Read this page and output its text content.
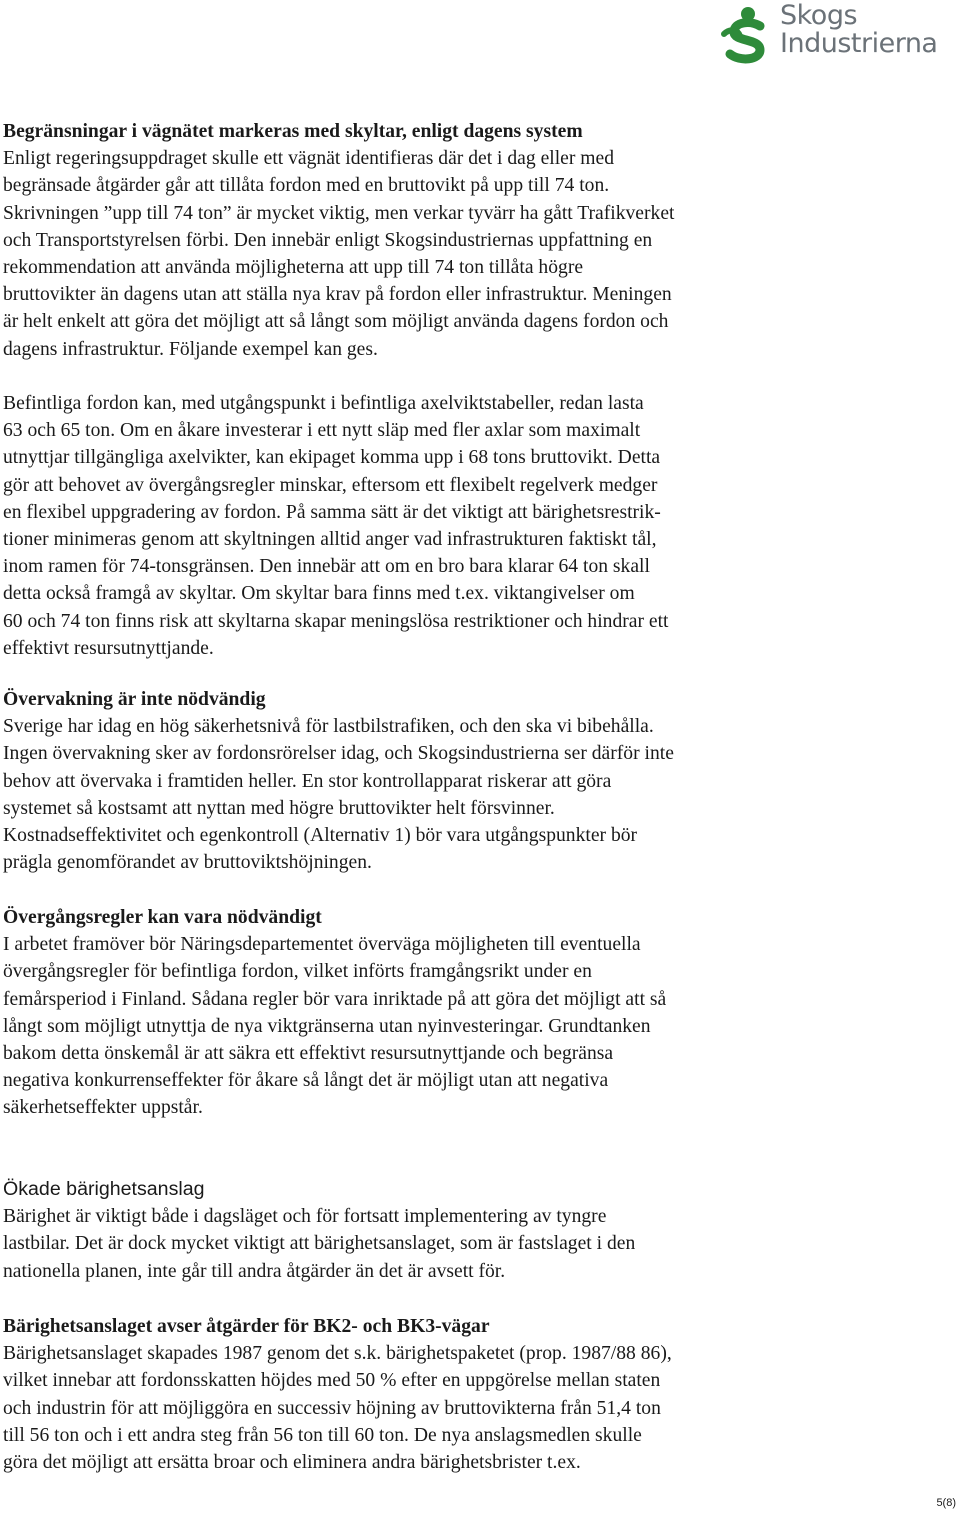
Skogs
Industrierna

Begränsningar i vägnätet markeras med skyltar, enligt dagens system

Enligt regeringsuppdraget skulle ett vägnät identifieras där det i dag eller med
begränsade åtgärder går att tillåta fordon med en bruttovikt på upp till 74 ton.
Skrivningen ”upp till 74 ton” är mycket viktig, men verkar tyvärr ha gått Trafikverket
och Transportstyrelsen förbi. Den innebär enligt Skogsindustriernas uppfattning en
rekommendation att använda möjligheterna att upp till 74 ton tillåta högre
bruttovikter än dagens utan att ställa nya krav på fordon eller infrastruktur. Meningen
är helt enkelt att göra det möjligt att så långt som möjligt använda dagens fordon och
dagens infrastruktur. Följande exempel kan ges.

Befintliga fordon kan, med utgångspunkt i befintliga axelviktstabeller, redan lasta
63 och 65 ton. Om en åkare investerar i ett nytt släp med fler axlar som maximalt
utnyttjar tillgängliga axelvikter, kan ekipaget komma upp i 68 tons bruttovikt. Detta
gör att behovet av övergångsregler minskar, eftersom ett flexibelt regelverk medger
en flexibel uppgradering av fordon. På samma sätt är det viktigt att bärighetsrestrik-
tioner minimeras genom att skyltningen alltid anger vad infrastrukturen faktiskt tål,
inom ramen för 74-tonsgränsen. Den innebär att om en bro bara klarar 64 ton skall
detta också framgå av skyltar. Om skyltar bara finns med t.ex. viktangivelser om
60 och 74 ton finns risk att skyltarna skapar meningslösa restriktioner och hindrar ett
effektivt resursutnyttjande.

Övervakning är inte nödvändig

Sverige har idag en hög säkerhetsnivå för lastbilstrafiken, och den ska vi bibehålla.
Ingen övervakning sker av fordonsrörelser idag, och Skogsindustrierna ser därför inte
behov att övervaka i framtiden heller. En stor kontrollapparat riskerar att göra
systemet så kostsamt att nyttan med högre bruttovikter helt försvinner.
Kostnadseffektivitet och egenkontroll (Alternativ 1) bör vara utgångspunkter bör
prägla genomförandet av bruttoviktshöjningen.

Övergångsregler kan vara nödvändigt

I arbetet framöver bör Näringsdepartementet överväga möjligheten till eventuella
övergångsregler för befintliga fordon, vilket införts framgångsrikt under en
femårsperiod i Finland. Sådana regler bör vara inriktade på att göra det möjligt att så
långt som möjligt utnyttja de nya viktgränserna utan nyinvesteringar. Grundtanken
bakom detta önskemål är att säkra ett effektivt resursutnyttjande och begränsa
negativa konkurrenseffekter för åkare så långt det är möjligt utan att negativa
säkerhetseffekter uppstår.

Ökade bärighetsanslag

Bärighet är viktigt både i dagsläget och för fortsatt implementering av tyngre
lastbilar. Det är dock mycket viktigt att bärighetsanslaget, som är fastslaget i den
nationella planen, inte går till andra åtgärder än det är avsett för.

Bärighetsanslaget avser åtgärder för BK2- och BK3-vägar

Bärighetsanslaget skapades 1987 genom det s.k. bärighetspaketet (prop. 1987/88 86),
vilket innebar att fordonsskatten höjdes med 50 % efter en uppgörelse mellan staten
och industrin för att möjliggöra en successiv höjning av bruttovikterna från 51,4 ton
till 56 ton och i ett andra steg från 56 ton till 60 ton. De nya anslagsmedlen skulle
göra det möjligt att ersätta broar och eliminera andra bärighetsbrister t.ex.

5(8)
